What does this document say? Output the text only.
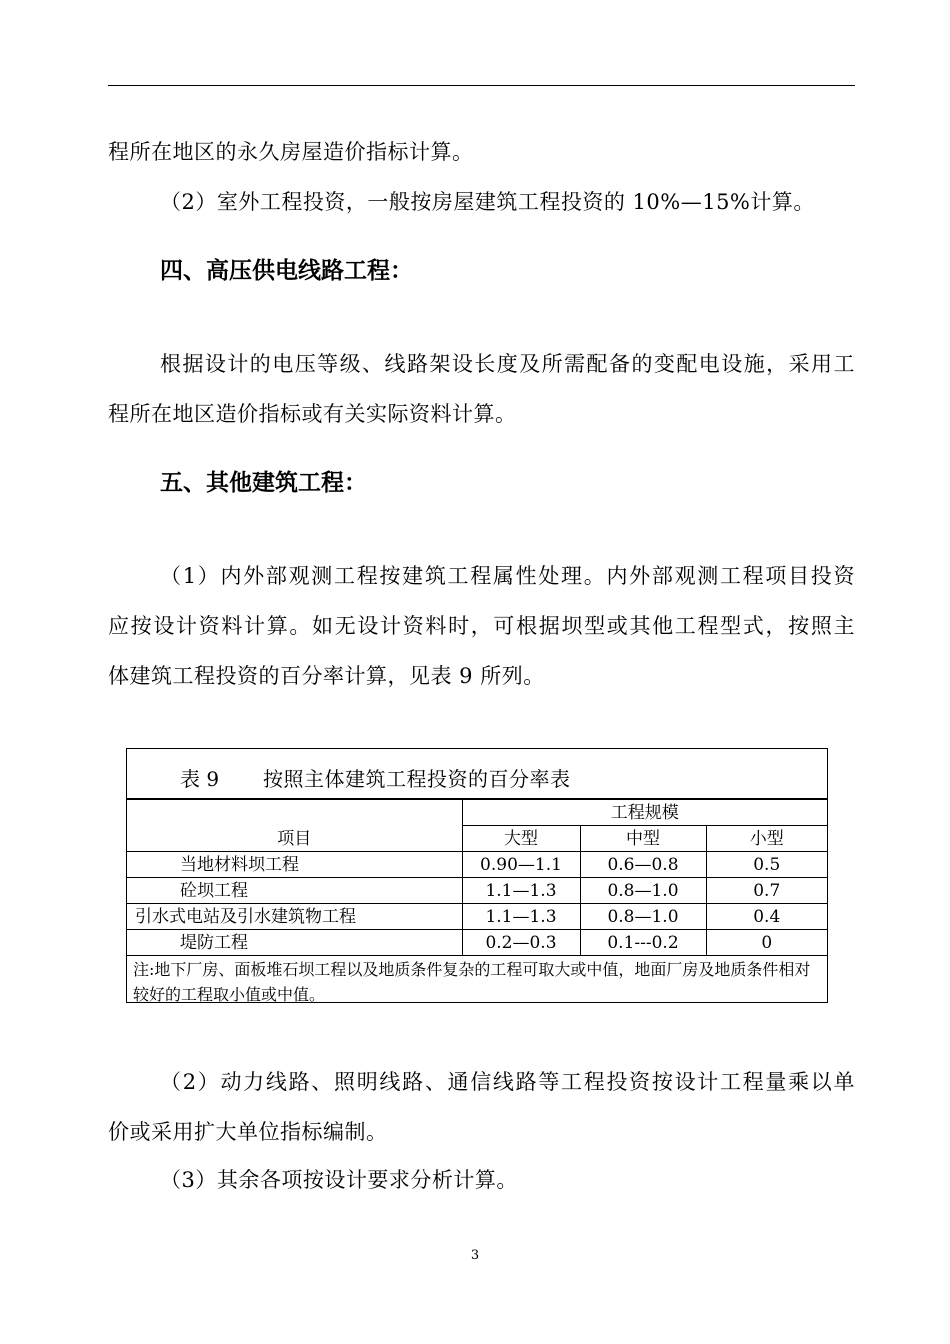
程所在地区的永久房屋造价指标计算。
（2）室外工程投资，一般按房屋建筑工程投资的 10%—15%计算。
四、高压供电线路工程：
根据设计的电压等级、线路架设长度及所需配备的变配电设施，采用工
程所在地区造价指标或有关实际资料计算。
五、其他建筑工程：
（1）内外部观测工程按建筑工程属性处理。内外部观测工程项目投资
应按设计资料计算。如无设计资料时，可根据坝型或其他工程型式，按照主
体建筑工程投资的百分率计算，见表 9 所列。
表 9 按照主体建筑工程投资的百分率表
项目	工程规模		
	大型	中型	小型
当地材料坝工程	0.90—1.1	0.6—0.8	0.5
砼坝工程	1.1—1.3	0.8—1.0	0.7
引水式电站及引水建筑物工程	1.1—1.3	0.8—1.0	0.4
堤防工程	0.2—0.3	0.1---0.2	0
注:地下厂房、面板堆石坝工程以及地质条件复杂的工程可取大或中值，地面厂房及地质条件相对较好的工程取小值或中值。			
（2）动力线路、照明线路、通信线路等工程投资按设计工程量乘以单
价或采用扩大单位指标编制。
（3）其余各项按设计要求分析计算。
3
